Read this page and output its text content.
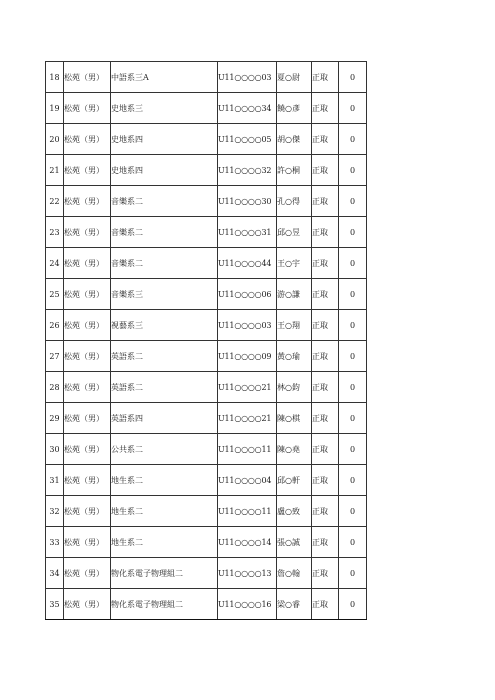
18	松苑（男）	中語系三A	U11○○○○03	夏○尉	正取	0
19	松苑（男）	史地系三	U11○○○○34	饒○彥	正取	0
20	松苑（男）	史地系四	U11○○○○05	胡○傑	正取	0
21	松苑（男）	史地系四	U11○○○○32	許○桐	正取	0
22	松苑（男）	音樂系二	U11○○○○30	孔○得	正取	0
23	松苑（男）	音樂系二	U11○○○○31	邱○昱	正取	0
24	松苑（男）	音樂系二	U11○○○○44	王○宇	正取	0
25	松苑（男）	音樂系三	U11○○○○06	游○謙	正取	0
26	松苑（男）	視藝系三	U11○○○○03	王○翔	正取	0
27	松苑（男）	英語系二	U11○○○○09	黃○瑜	正取	0
28	松苑（男）	英語系二	U11○○○○21	林○鈞	正取	0
29	松苑（男）	英語系四	U11○○○○21	陳○棋	正取	0
30	松苑（男）	公共系二	U11○○○○11	陳○堯	正取	0
31	松苑（男）	地生系二	U11○○○○04	邱○軒	正取	0
32	松苑（男）	地生系二	U11○○○○11	盧○致	正取	0
33	松苑（男）	地生系二	U11○○○○14	張○誠	正取	0
34	松苑（男）	物化系電子物理組二	U11○○○○13	詹○翰	正取	0
35	松苑（男）	物化系電子物理組二	U11○○○○16	梁○睿	正取	0
